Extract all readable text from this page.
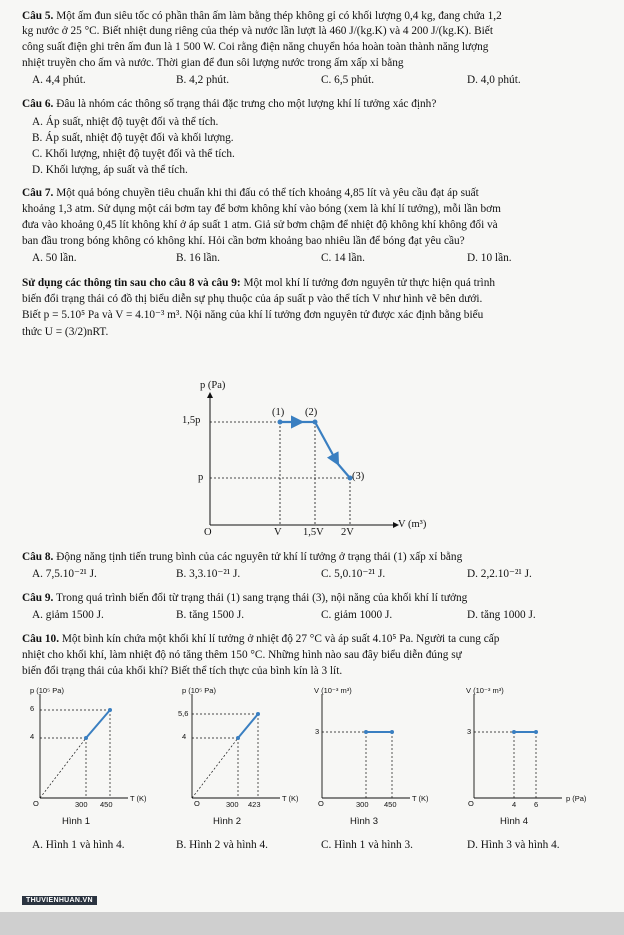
Câu 5. Một ấm đun siêu tốc có phần thân ấm làm bằng thép không gỉ có khối lượng 0,4 kg, đang chứa 1,2
kg nước ở 25 °C. Biết nhiệt dung riêng của thép và nước lần lượt là 460 J/(kg.K) và 4 200 J/(kg.K). Biết
công suất điện ghi trên ấm đun là 1 500 W. Coi rằng điện năng chuyển hóa hoàn toàn thành năng lượng
nhiệt truyền cho ấm và nước. Thời gian để đun sôi lượng nước trong ấm xấp xỉ bằng
A. 4,4 phút.	B. 4,2 phút.	C. 6,5 phút.	D. 4,0 phút.
Câu 6. Đâu là nhóm các thông số trạng thái đặc trưng cho một lượng khí lí tưởng xác định?
A. Áp suất, nhiệt độ tuyệt đối và thể tích.
B. Áp suất, nhiệt độ tuyệt đối và khối lượng.
C. Khối lượng, nhiệt độ tuyệt đối và thể tích.
D. Khối lượng, áp suất và thể tích.
Câu 7. Một quả bóng chuyền tiêu chuẩn khi thi đấu có thể tích khoảng 4,85 lít và yêu cầu đạt áp suất
khoảng 1,3 atm. Sử dụng một cái bơm tay để bơm không khí vào bóng (xem là khí lí tưởng), mỗi lần bơm
đưa vào khoảng 0,45 lít không khí ở áp suất 1 atm. Giả sử bơm chậm để nhiệt độ không khí không đổi và
ban đầu trong bóng không có không khí. Hỏi cần bơm khoảng bao nhiêu lần để bóng đạt yêu cầu?
A. 50 lần.	B. 16 lần.	C. 14 lần.	D. 10 lần.
Sử dụng các thông tin sau cho câu 8 và câu 9: Một mol khí lí tưởng đơn nguyên tử thực hiện quá trình
biến đổi trạng thái có đồ thị biểu diễn sự phụ thuộc của áp suất p vào thể tích V như hình vẽ bên dưới.
Biết p = 5.10⁵ Pa và V = 4.10⁻³ m³. Nội năng của khí lí tưởng đơn nguyên tử được xác định bằng biểu
thức U = (3/2)nRT.
p (Pa)
V (m³)
1,5p
p
V 1,5V 2V
O
(1) (2)
(3)
Câu 8. Động năng tịnh tiến trung bình của các nguyên tử khí lí tưởng ở trạng thái (1) xấp xỉ bằng
A. 7,5.10⁻²¹ J.	B. 3,3.10⁻²¹ J.	C. 5,0.10⁻²¹ J.	D. 2,2.10⁻²¹ J.
Câu 9. Trong quá trình biến đổi từ trạng thái (1) sang trạng thái (3), nội năng của khối khí lí tưởng
A. giảm 1500 J.	B. tăng 1500 J.	C. giảm 1000 J.	D. tăng 1000 J.
Câu 10. Một bình kín chứa một khối khí lí tưởng ở nhiệt độ 27 °C và áp suất 4.10⁵ Pa. Người ta cung cấp
nhiệt cho khối khí, làm nhiệt độ nó tăng thêm 150 °C. Những hình nào sau đây biểu diễn đúng sự
biến đổi trạng thái của khối khí? Biết thể tích thực của bình kín là 3 lít.
p (10⁵ Pa)
6
4
300 450
T (K)
O
Hình 1
p (10⁵ Pa)
5,6
4
300 423
T (K)
O
Hình 2
V (10⁻³ m³)
3
300 450
T (K)
O
Hình 3
V (10⁻³ m³)
3
4 6
p (Pa)
O
Hình 4
A. Hình 1 và hình 4.	B. Hình 2 và hình 4.	C. Hình 1 và hình 3.	D. Hình 3 và hình 4.
THUVIENHUAN.VN
